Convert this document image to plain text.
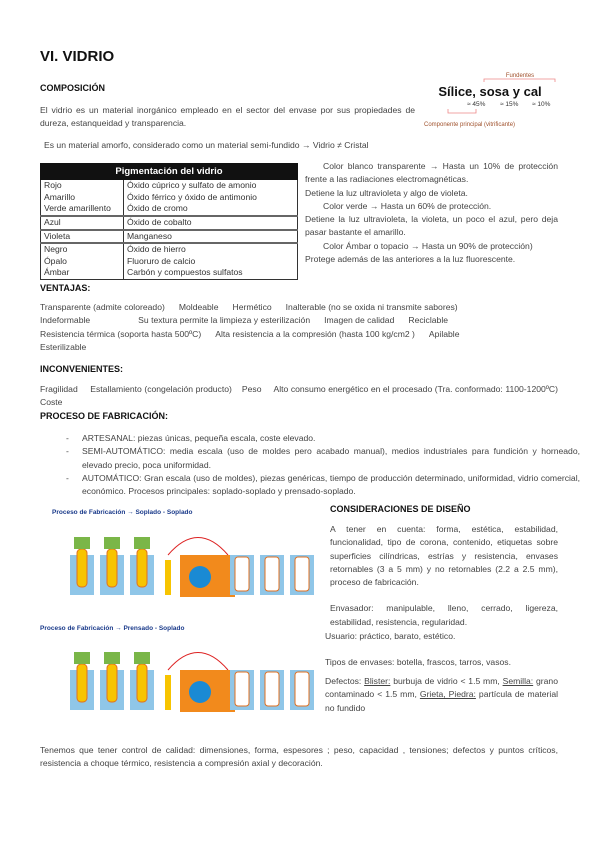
VI. VIDRIO
COMPOSICIÓN
El vidrio es un material inorgánico empleado en el sector del envase por sus propiedades de dureza, estanqueidad y transparencia.
Fundentes
Sílice, sosa y cal
≈ 45% ≈ 15% ≈ 10%
Componente principal (vitrificante)
Es un material amorfo, considerado como un material semi-fundido → Vidrio ≠ Cristal
Pigmentación del vidrio	
Rojo	Óxido cúprico y sulfato de amonio
Amarillo	Óxido férrico y óxido de antimonio
Verde amarillento	Óxido de cromo
Azul	Óxido de cobalto
Violeta	Manganeso
Negro	Óxido de hierro
Ópalo	Fluoruro de calcio
Ámbar	Carbón y compuestos sulfatos
Color blanco transparente → Hasta un 10% de protección frente a las radiaciones electromagnéticas.
Detiene la luz ultravioleta y algo de violeta.
Color verde → Hasta un 60% de protección.
Detiene la luz ultravioleta, la violeta, un poco el azul, pero deja pasar bastante el amarillo.
Color Ámbar o topacio → Hasta un 90% de protección)
Protege además de las anteriores a la luz fluorescente.
VENTAJAS:
Transparente (admite coloreado) Moldeable Hermético Inalterable (no se oxida ni transmite sabores)
Indeformable	Su textura permite la limpieza y esterilización Imagen de calidad Reciclable
Resistencia térmica (soporta hasta 500ºC) Alta resistencia a la compresión (hasta 100 kg/cm2 ) Apilable
Esterilizable
INCONVENIENTES:
Fragilidad     Estallamiento (congelación producto)    Peso     Alto consumo energético en el procesado (Tra. conformado: 1100-1200ºC)          Coste
PROCESO DE FABRICACIÓN:
- ARTESANAL: piezas únicas, pequeña escala, coste elevado.
- SEMI-AUTOMÁTICO: media escala (uso de moldes pero acabado manual), medios industriales para fundición y horneado, elevado precio, poca uniformidad.
- AUTOMÁTICO: Gran escala (uso de moldes), piezas genéricas, tiempo de producción determinado, uniformidad, vidrio comercial, económico. Procesos principales: soplado-soplado y prensado-soplado.
Proceso de Fabricación → Soplado - Soplado
Proceso de Fabricación → Prensado - Soplado
CONSIDERACIONES DE DISEÑO
A tener en cuenta: forma, estética, estabilidad, funcionalidad, tipo de corona, contenido, etiquetas sobre superficies cilíndricas, estrías y resistencia, envases retornables (3 a 5 mm) y no retornables (2.2 a 2.5 mm), proceso de fabricación.
Envasador: manipulable, lleno, cerrado, ligereza, estabilidad, resistencia, regularidad.
Usuario: práctico, barato, estético.
Tipos de envases: botella, frascos, tarros, vasos.
Defectos: Blister: burbuja de vidrio < 1.5 mm, Semilla: grano contaminado < 1.5 mm, Grieta, Piedra: partícula de material no fundido
Tenemos que tener control de calidad: dimensiones, forma, espesores ; peso, capacidad , tensiones; defectos y puntos críticos, resistencia a choque térmico, resistencia a compresión axial y decoración.
